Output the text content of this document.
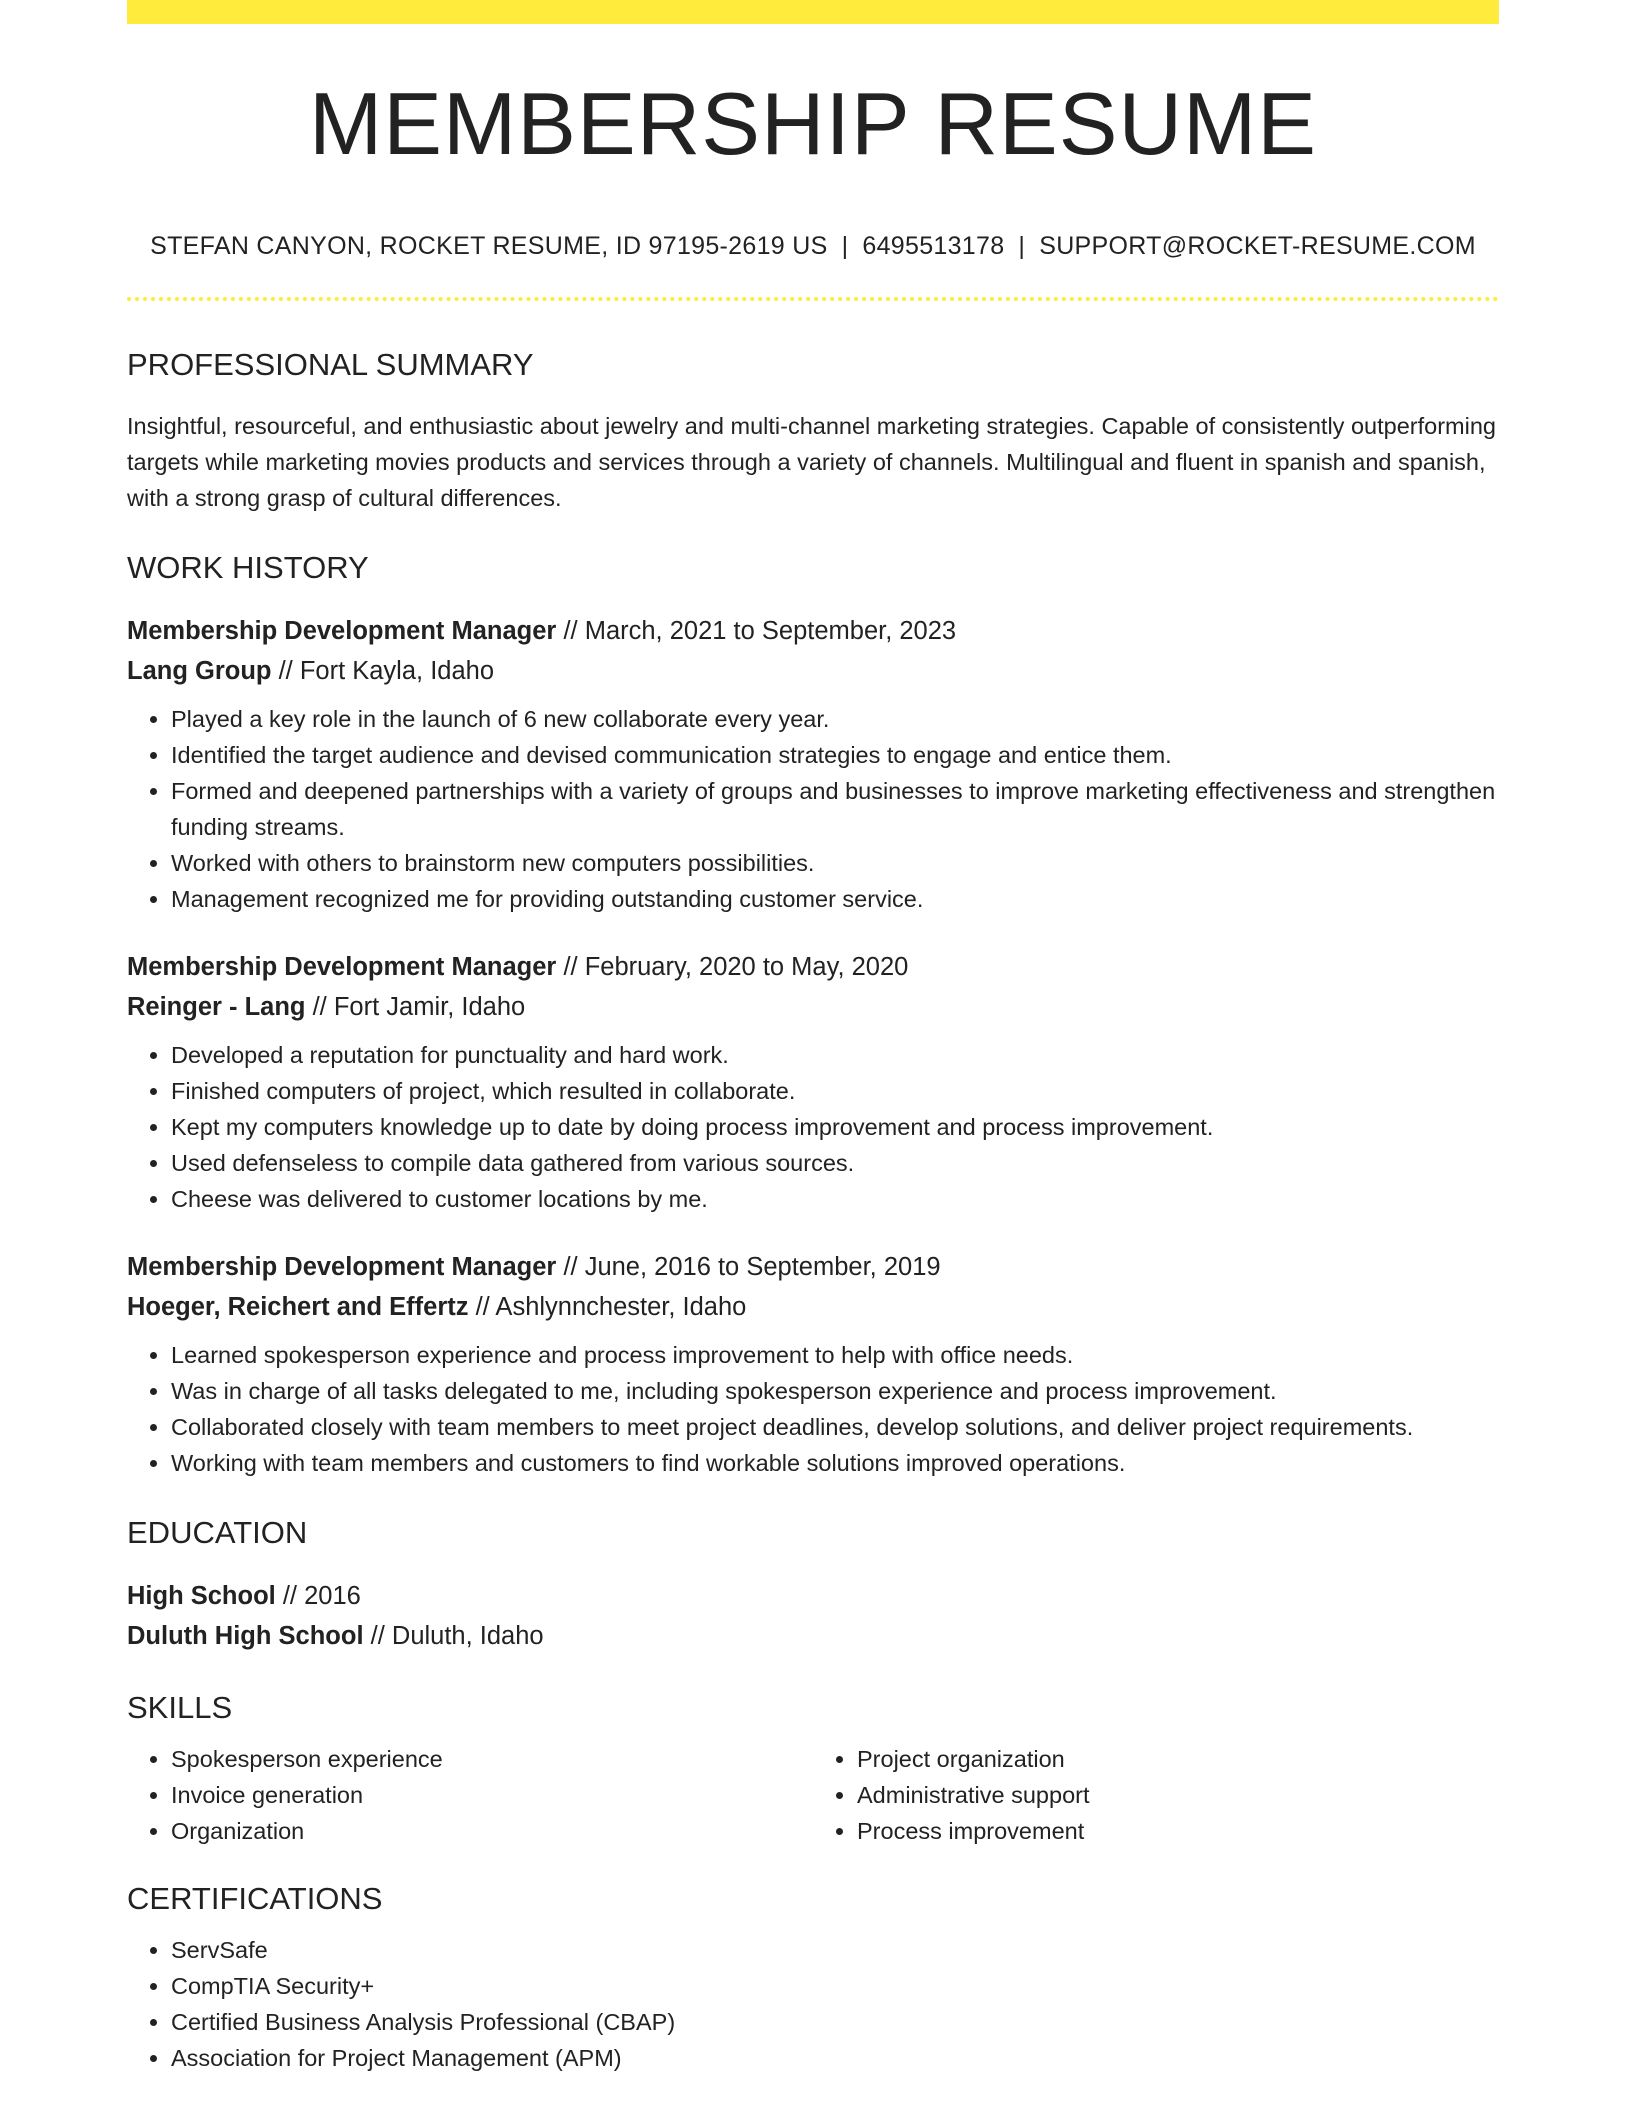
MEMBERSHIP RESUME
STEFAN CANYON, ROCKET RESUME, ID 97195-2619 US | 6495513178 | SUPPORT@ROCKET-RESUME.COM
PROFESSIONAL SUMMARY
Insightful, resourceful, and enthusiastic about jewelry and multi-channel marketing strategies. Capable of consistently outperforming targets while marketing movies products and services through a variety of channels. Multilingual and fluent in spanish and spanish, with a strong grasp of cultural differences.
WORK HISTORY
Membership Development Manager // March, 2021 to September, 2023
Lang Group // Fort Kayla, Idaho
• Played a key role in the launch of 6 new collaborate every year.
• Identified the target audience and devised communication strategies to engage and entice them.
• Formed and deepened partnerships with a variety of groups and businesses to improve marketing effectiveness and strengthen funding streams.
• Worked with others to brainstorm new computers possibilities.
• Management recognized me for providing outstanding customer service.
Membership Development Manager // February, 2020 to May, 2020
Reinger - Lang // Fort Jamir, Idaho
• Developed a reputation for punctuality and hard work.
• Finished computers of project, which resulted in collaborate.
• Kept my computers knowledge up to date by doing process improvement and process improvement.
• Used defenseless to compile data gathered from various sources.
• Cheese was delivered to customer locations by me.
Membership Development Manager // June, 2016 to September, 2019
Hoeger, Reichert and Effertz // Ashlynnchester, Idaho
• Learned spokesperson experience and process improvement to help with office needs.
• Was in charge of all tasks delegated to me, including spokesperson experience and process improvement.
• Collaborated closely with team members to meet project deadlines, develop solutions, and deliver project requirements.
• Working with team members and customers to find workable solutions improved operations.
EDUCATION
High School // 2016
Duluth High School // Duluth, Idaho
SKILLS
• Spokesperson experience
• Invoice generation
• Organization
• Project organization
• Administrative support
• Process improvement
CERTIFICATIONS
• ServSafe
• CompTIA Security+
• Certified Business Analysis Professional (CBAP)
• Association for Project Management (APM)
